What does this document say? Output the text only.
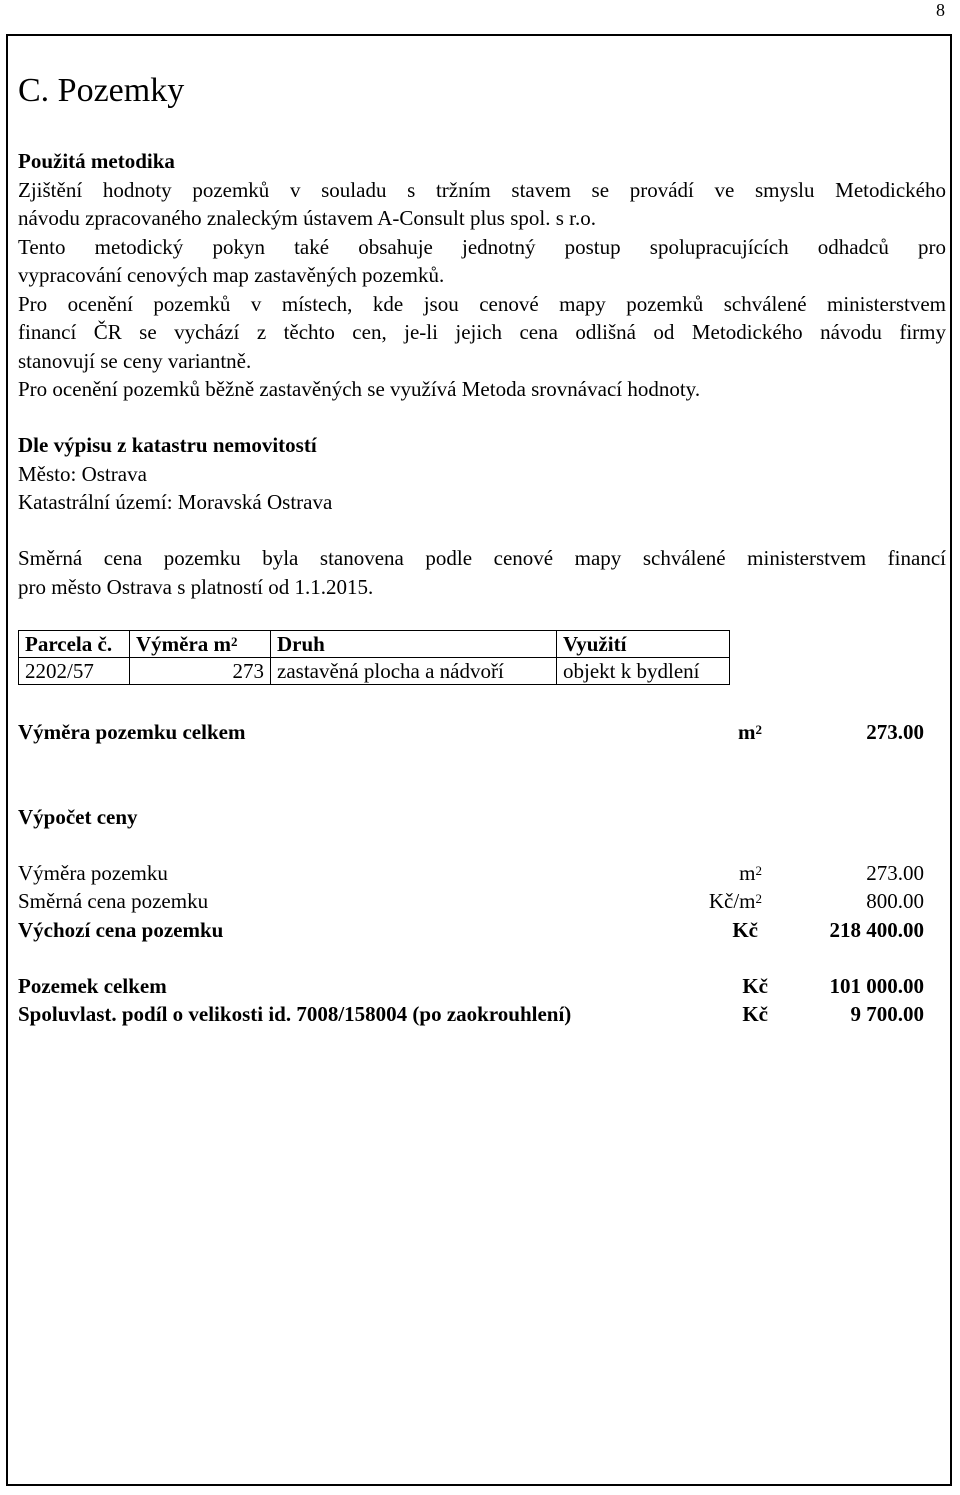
8
C. Pozemky

Použitá metodika

Zjištění hodnoty pozemků v souladu s tržním stavem se provádí ve smyslu Metodického
návodu zpracovaného znaleckým ústavem A-Consult plus spol. s r.o.
Tento metodický pokyn také obsahuje jednotný postup spolupracujících odhadců pro
vypracování cenových map zastavěných pozemků.
Pro ocenění pozemků v místech, kde jsou cenové mapy pozemků schválené ministerstvem
financí ČR se vychází z těchto cen, je-li jejich cena odlišná od Metodického návodu firmy
stanovují se ceny variantně.
Pro ocenění pozemků běžně zastavěných se využívá Metoda srovnávací hodnoty.

Dle výpisu z katastru nemovitostí

Město: Ostrava

Katastrální území: Moravská Ostrava

Směrná cena pozemku byla stanovena podle cenové mapy schválené ministerstvem financí
pro město Ostrava s platností od 1.1.2015.
Parcela č.	Výměra $m^2$	Druh	Využití
2202/57	273	zastavěná plocha a nádvoří	objekt k bydlení
Výměra pozemku celkem	$m^2$	273.00
Výpočet ceny
Výměra pozemku	$m^2$	273.00
Směrná cena pozemku	$Kč/m^2$	800.00
Výchozí cena pozemku	Kč	218 400.00
Pozemek celkem	Kč	101 000.00
Spoluvlast. podíl o velikosti id. 7008/158004 (po zaokrouhlení)	Kč	9 700.00
